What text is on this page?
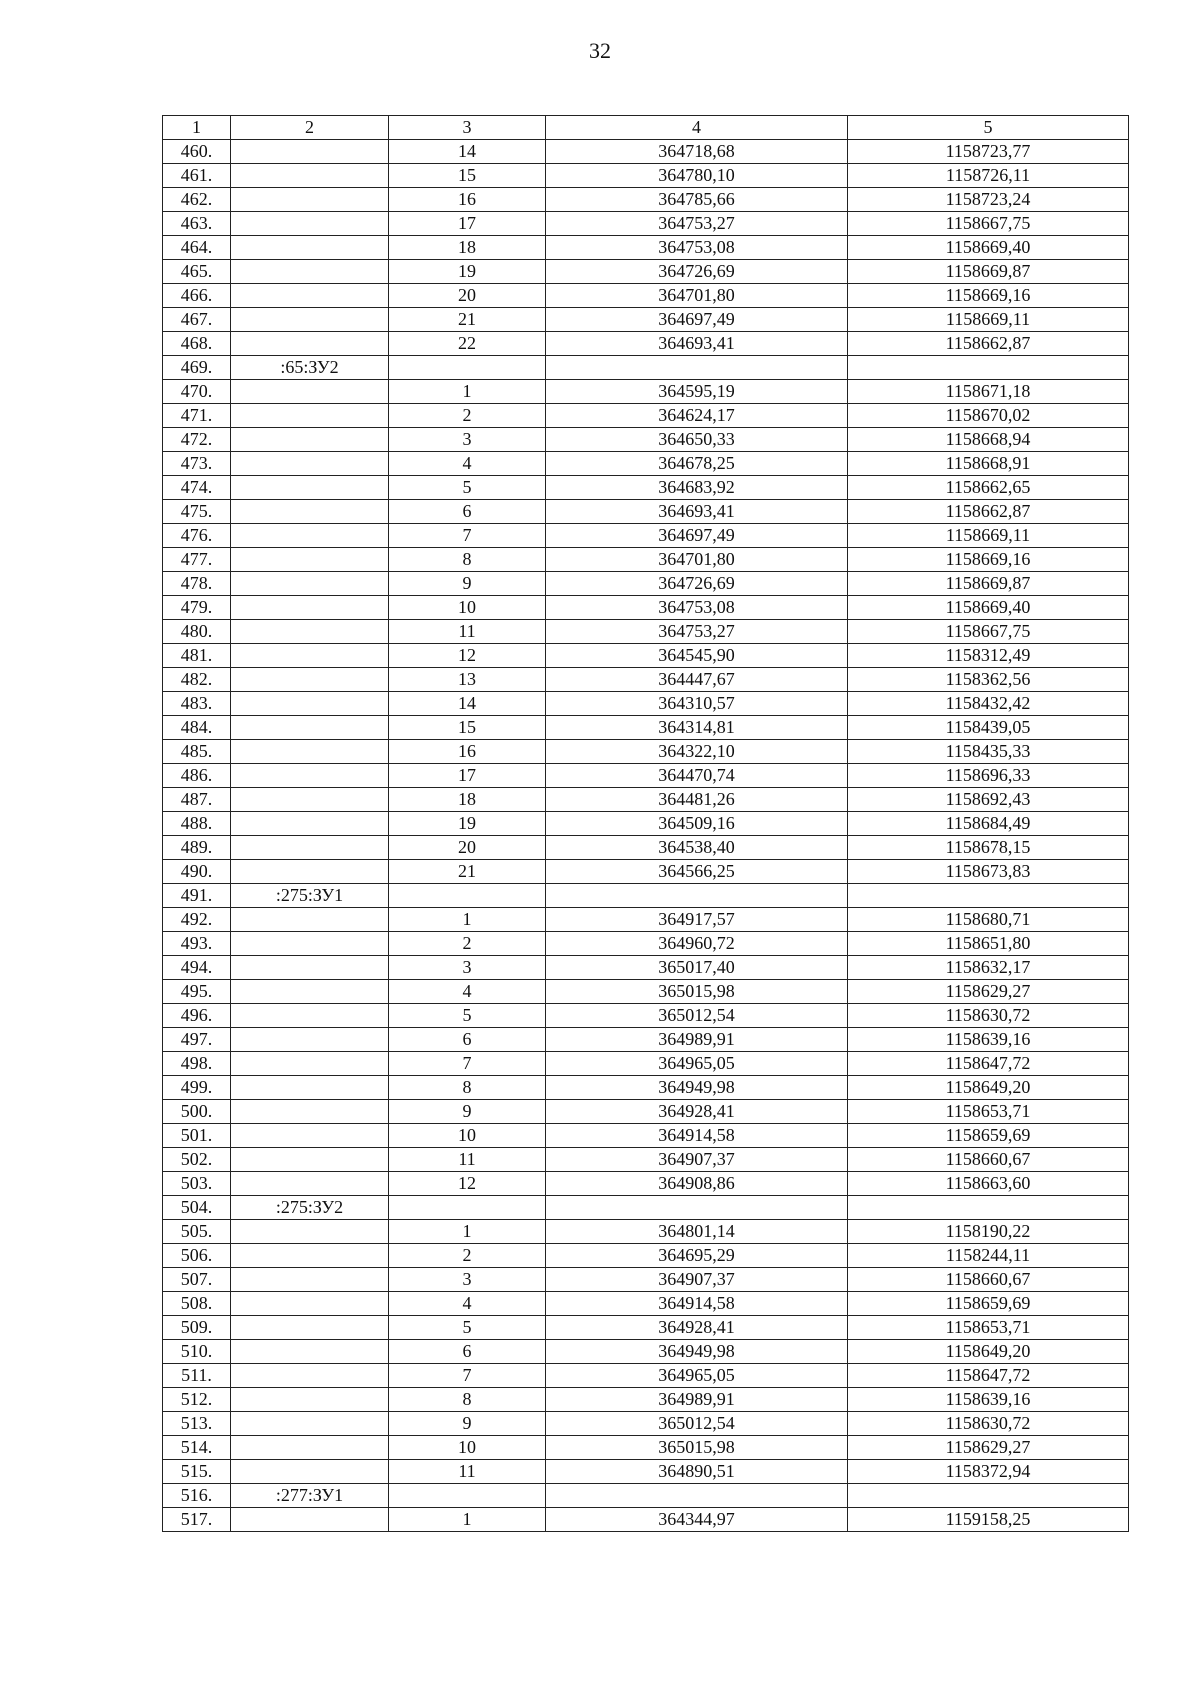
32
1	2	3	4	5
460.		14	364718,68	1158723,77
461.		15	364780,10	1158726,11
462.		16	364785,66	1158723,24
463.		17	364753,27	1158667,75
464.		18	364753,08	1158669,40
465.		19	364726,69	1158669,87
466.		20	364701,80	1158669,16
467.		21	364697,49	1158669,11
468.		22	364693,41	1158662,87
469.	:65:ЗУ2			
470.		1	364595,19	1158671,18
471.		2	364624,17	1158670,02
472.		3	364650,33	1158668,94
473.		4	364678,25	1158668,91
474.		5	364683,92	1158662,65
475.		6	364693,41	1158662,87
476.		7	364697,49	1158669,11
477.		8	364701,80	1158669,16
478.		9	364726,69	1158669,87
479.		10	364753,08	1158669,40
480.		11	364753,27	1158667,75
481.		12	364545,90	1158312,49
482.		13	364447,67	1158362,56
483.		14	364310,57	1158432,42
484.		15	364314,81	1158439,05
485.		16	364322,10	1158435,33
486.		17	364470,74	1158696,33
487.		18	364481,26	1158692,43
488.		19	364509,16	1158684,49
489.		20	364538,40	1158678,15
490.		21	364566,25	1158673,83
491.	:275:ЗУ1			
492.		1	364917,57	1158680,71
493.		2	364960,72	1158651,80
494.		3	365017,40	1158632,17
495.		4	365015,98	1158629,27
496.		5	365012,54	1158630,72
497.		6	364989,91	1158639,16
498.		7	364965,05	1158647,72
499.		8	364949,98	1158649,20
500.		9	364928,41	1158653,71
501.		10	364914,58	1158659,69
502.		11	364907,37	1158660,67
503.		12	364908,86	1158663,60
504.	:275:ЗУ2			
505.		1	364801,14	1158190,22
506.		2	364695,29	1158244,11
507.		3	364907,37	1158660,67
508.		4	364914,58	1158659,69
509.		5	364928,41	1158653,71
510.		6	364949,98	1158649,20
511.		7	364965,05	1158647,72
512.		8	364989,91	1158639,16
513.		9	365012,54	1158630,72
514.		10	365015,98	1158629,27
515.		11	364890,51	1158372,94
516.	:277:ЗУ1			
517.		1	364344,97	1159158,25
